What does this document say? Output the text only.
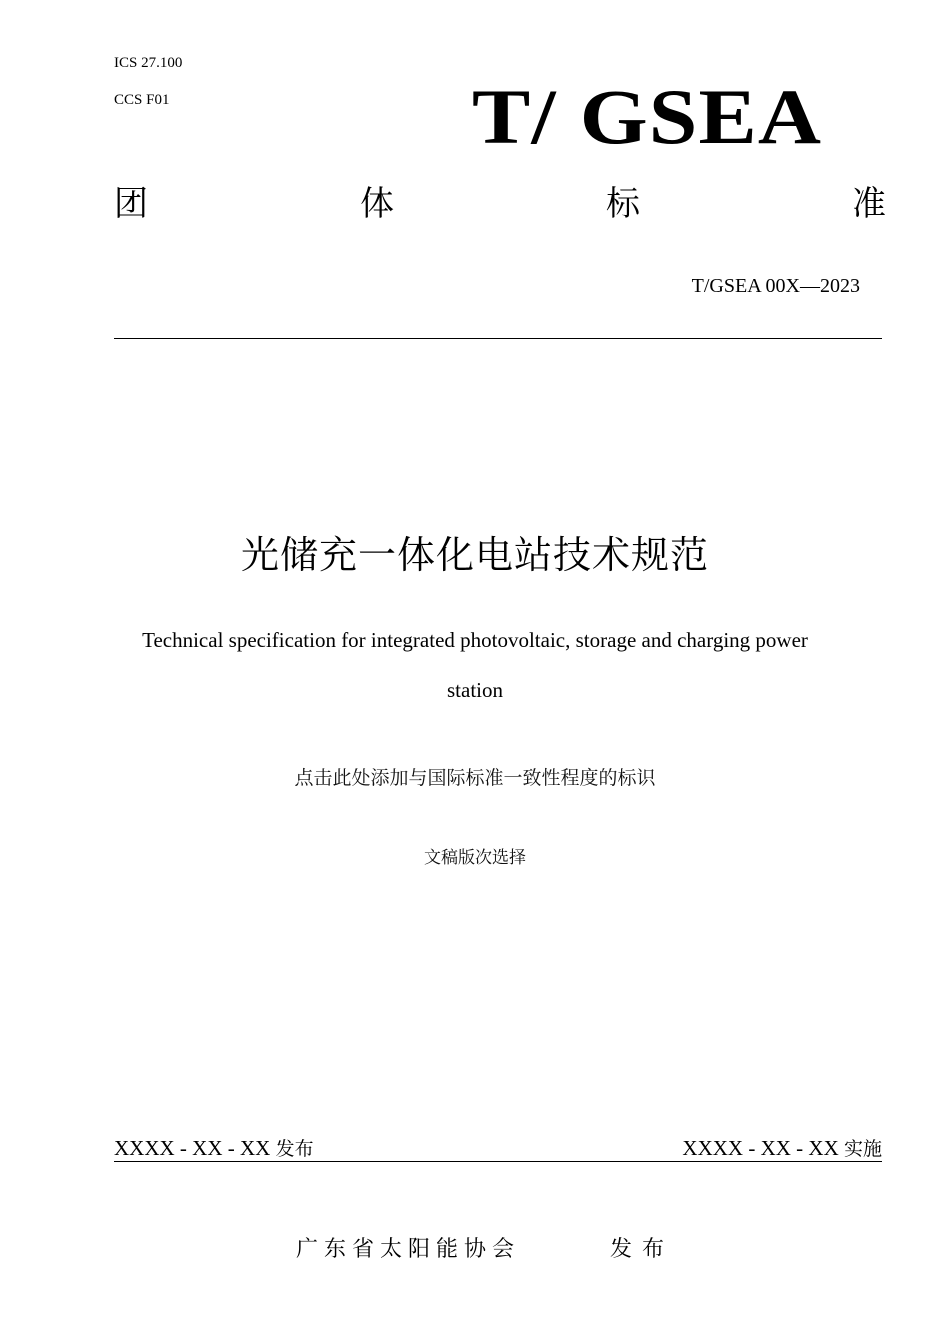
ICS 27.100
CCS F01	T/ GSEA
团	体	标	准
T/GSEA 00X—2023
光储充一体化电站技术规范
Technical specification for integrated photovoltaic, storage and charging power
station
点击此处添加与国际标准一致性程度的标识
文稿版次选择
XXXX - XX - XX 发布	XXXX - XX - XX 实施
广东省太阳能协会	发布
